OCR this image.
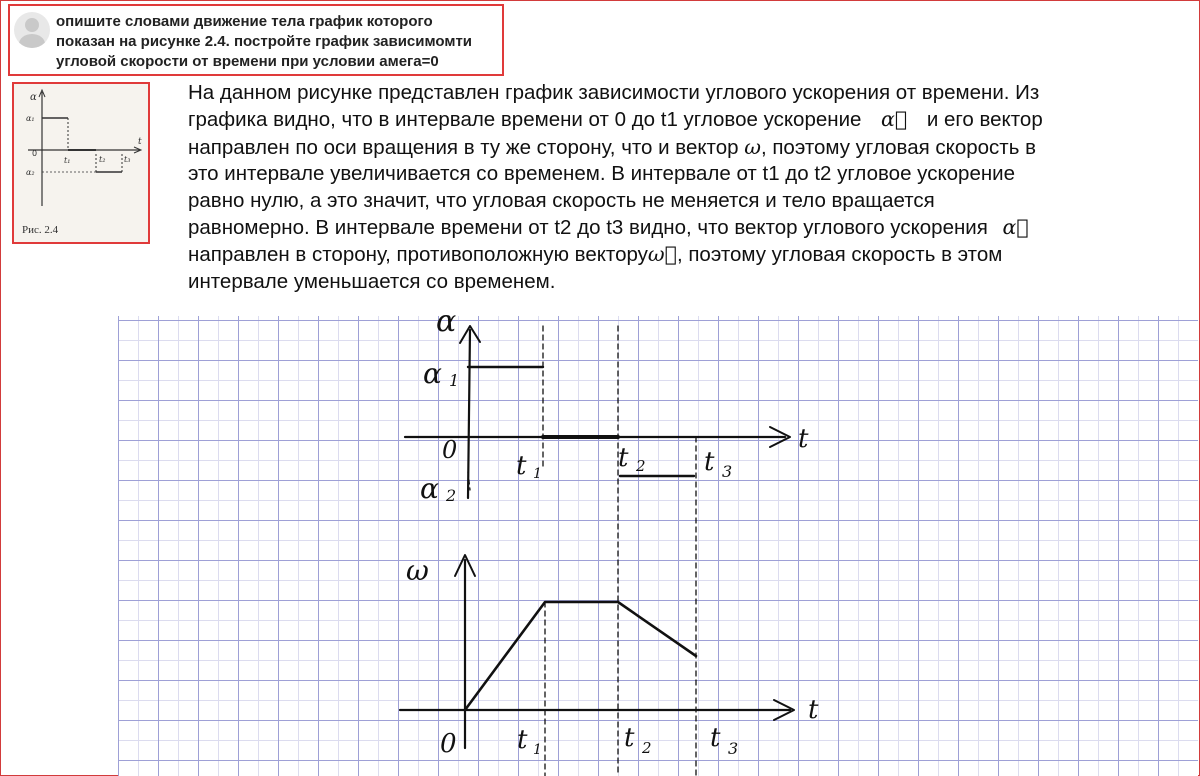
опишите словами движение тела график которого
показан на рисунке 2.4. постройте график зависимомти
угловой скорости от времени при условии амега=0
α
α₁
α₂
0
t
t₁	t₂ t₃
Рис. 2.4

На данном рисунке представлен график зависимости углового ускорения от времени. Из

графика видно, что в интервале времени от 0 до t1 угловое ускорение α⃗ и его вектор

направлен по оси вращения в ту же сторону, что и вектор ω, поэтому угловая скорость в

это интервале увеличивается со временем. В интервале от t1 до t2 угловое ускорение

равно нулю, а это значит, что угловая скорость не меняется и тело вращается

равномерно. В интервале времени от t2 до t3 видно, что вектор углового ускорения α⃗

направлен в сторону, противоположную векторуω⃗, поэтому угловая скорость в этом

интервале уменьшается со временем.

α
t
0
α 1
α 2
t 1
t 2 t 3
ω
t
0 t 1	t 2 t 3
